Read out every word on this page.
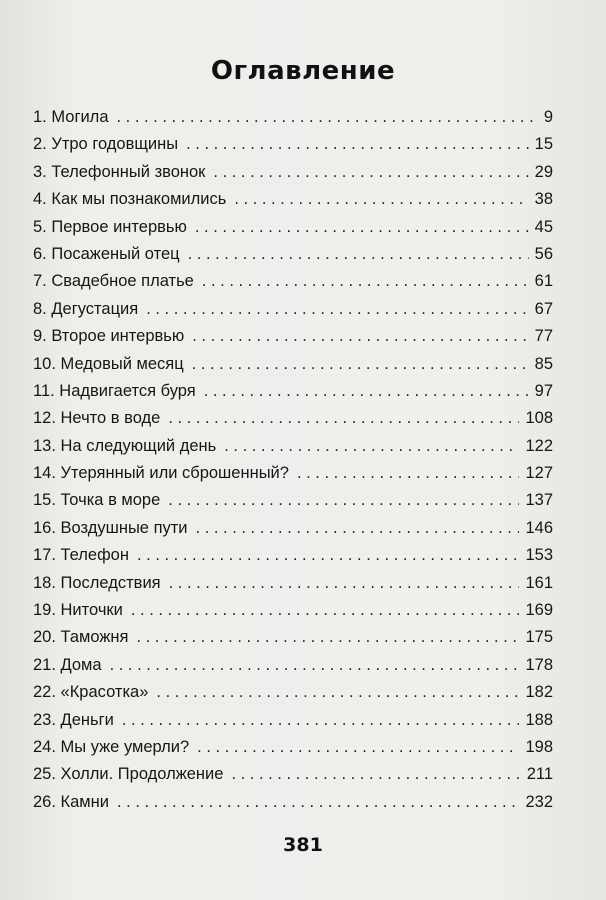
Оглавление
1. Могила . . .	9
2. Утро годовщины . . .	15
3. Телефонный звонок . . .	29
4. Как мы познакомились . . .	38
5. Первое интервью . . .	45
6. Посаженый отец . . .	56
7. Свадебное платье . . .	61
8. Дегустация . . .	67
9. Второе интервью . . .	77
10. Медовый месяц . . .	85
11. Надвигается буря . . .	97
12. Нечто в воде . . .	108
13. На следующий день . . .	122
14. Утерянный или сброшенный? . . .	127
15. Точка в море . . .	137
16. Воздушные пути . . .	146
17. Телефон . . .	153
18. Последствия . . .	161
19. Ниточки . . .	169
20. Таможня . . .	175
21. Дома . . .	178
22. «Красотка» . . .	182
23. Деньги . . .	188
24. Мы уже умерли? . . .	198
25. Холли. Продолжение . . .	211
26. Камни . . .	232
381
